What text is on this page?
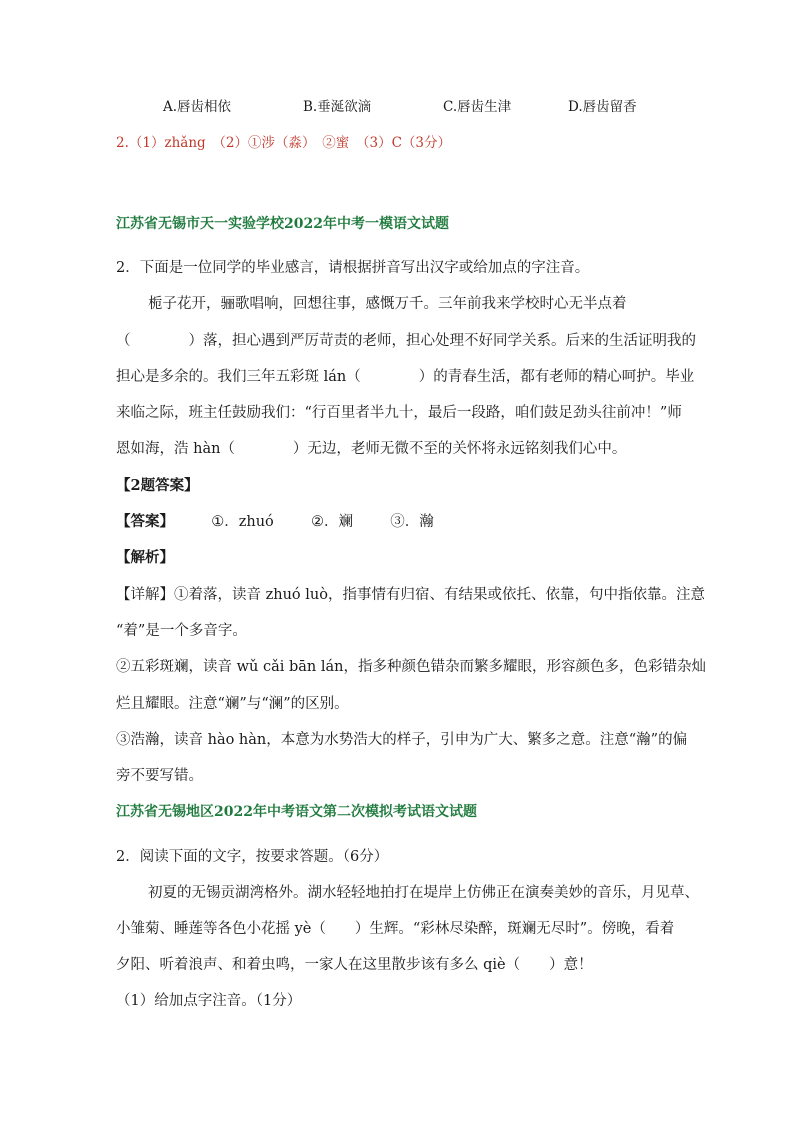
A.唇齿相依	B.垂涎欲滴	C.唇齿生津	D.唇齿留香
2.（1）zhǎng　（2）①涉（淼）　②蜜　（3）C（3分）
江苏省无锡市天一实验学校2022年中考一模语文试题
2．下面是一位同学的毕业感言，请根据拼音写出汉字或给加点的字注音。
栀子花开，骊歌唱响，回想往事，感慨万千。三年前我来学校时心无半点着
（　　　　）落，担心遇到严厉苛责的老师，担心处理不好同学关系。后来的生活证明我的
担心是多余的。我们三年五彩斑 lán（　　　　）的青春生活，都有老师的精心呵护。毕业
来临之际，班主任鼓励我们：“行百里者半九十，最后一段路，咱们鼓足劲头往前冲！”师
恩如海，浩 hàn（　　　　）无边，老师无微不至的关怀将永远铭刻我们心中。
【2题答案】
【答案】	①．zhuó	②．斓	③．瀚
【解析】
【详解】①着落，读音 zhuó luò，指事情有归宿、有结果或依托、依靠，句中指依靠。注意
“着”是一个多音字。
②五彩斑斓，读音 wǔ cǎi bān lán，指多种颜色错杂而繁多耀眼，形容颜色多，色彩错杂灿
烂且耀眼。注意“斓”与“澜”的区别。
③浩瀚，读音 hào hàn，本意为水势浩大的样子，引申为广大、繁多之意。注意“瀚”的偏
旁不要写错。
江苏省无锡地区2022年中考语文第二次模拟考试语文试题
2．阅读下面的文字，按要求答题。（6分）
初夏的无锡贡湖湾格外。湖水轻轻地拍打在堤岸上仿佛正在演奏美妙的音乐，月见草、
小雏菊、睡莲等各色小花摇 yè（　　）生辉。“彩林尽染醉，斑斓无尽时”。傍晚，看着
夕阳、听着浪声、和着虫鸣，一家人在这里散步该有多么 qiè（　　）意！
（1）给加点字注音。（1分）
